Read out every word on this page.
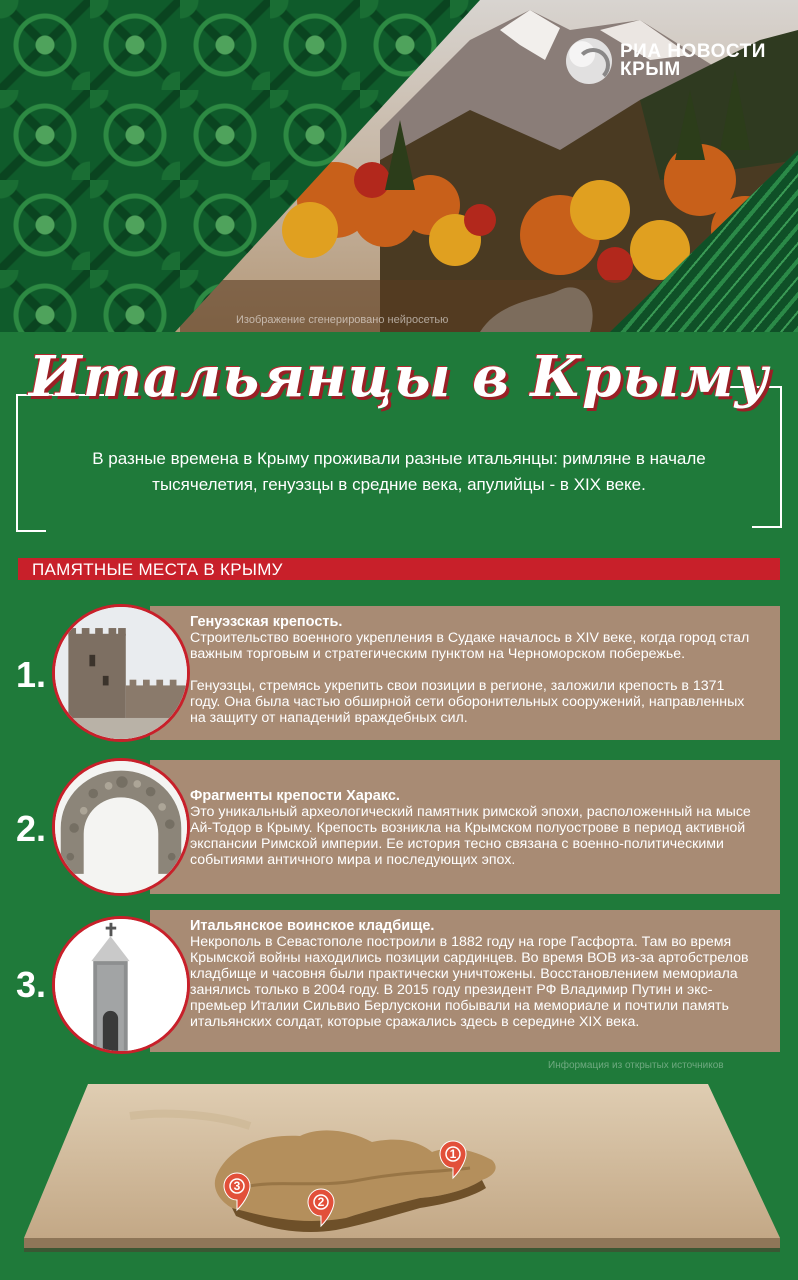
РИА НОВОСТИ
КРЫМ
Изображение сгенерировано нейросетью
Итальянцы в Крыму
В разные времена в Крыму проживали разные итальянцы: римляне в начале тысячелетия, генуэзцы в средние века, апулийцы - в XIX веке.
ПАМЯТНЫЕ МЕСТА В КРЫМУ
Генуэзская крепость.

Строительство военного укрепления в Судаке началось в XIV веке, когда город стал важным торговым и стратегическим пунктом на Черноморском побережье.

Генуэзцы, стремясь укрепить свои позиции в регионе, заложили крепость в 1371 году. Она была частью обширной сети оборонительных сооружений, направленных на защиту от нападений враждебных сил.

1.
Фрагменты крепости Харакс.

Это уникальный археологический памятник римской эпохи, расположенный на мысе Ай-Тодор в Крыму. Крепость возникла на Крымском полуострове в период активной экспансии Римской империи. Ее история тесно связана с военно-политическими событиями античного мира и последующих эпох.

2.
Итальянское воинское кладбище.

Некрополь в Севастополе построили в 1882 году на горе Гасфорта. Там во время Крымской войны находились позиции сардинцев. Во время ВОВ из-за артобстрелов кладбище и часовня были практически уничтожены. Восстановлением мемориала занялись только в 2004 году. В 2015 году президент РФ Владимир Путин и экс-премьер Италии Сильвио Берлускони побывали на мемориале и почтили память итальянских солдат, которые сражались здесь в середине XIX века.

3.
Информация из открытых источников
1
2
3
